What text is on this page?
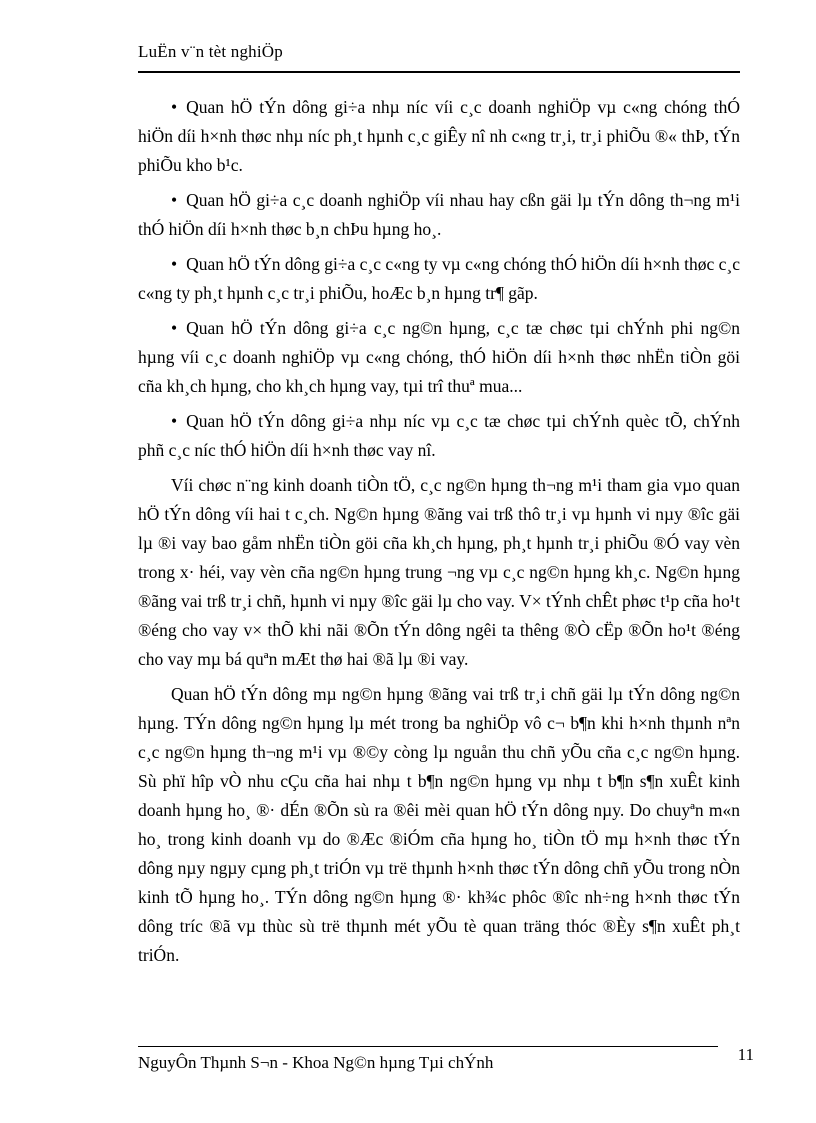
LuËn v¨n tèt nghiÖp

• Quan hÖ tÝn dông gi÷a nhµ níc víi c¸c doanh nghiÖp vµ c«ng chóng thÓ hiÖn díi h×nh thøc nhµ níc ph¸t hµnh c¸c giÊy nî nh c«ng tr¸i, tr¸i phiÕu ®« thÞ, tÝn phiÕu kho b¹c.

• Quan hÖ gi÷a c¸c doanh nghiÖp víi nhau hay cßn gäi lµ tÝn dông th¬ng m¹i thÓ hiÖn díi h×nh thøc b¸n chÞu hµng ho¸.

• Quan hÖ tÝn dông gi÷a c¸c c«ng ty vµ c«ng chóng thÓ hiÖn díi h×nh thøc c¸c c«ng ty ph¸t hµnh c¸c tr¸i phiÕu, hoÆc b¸n hµng tr¶ gãp.

• Quan hÖ tÝn dông gi÷a c¸c ng©n hµng, c¸c tæ chøc tµi chÝnh phi ng©n hµng víi c¸c doanh nghiÖp vµ c«ng chóng, thÓ hiÖn díi h×nh thøc nhËn tiÒn göi cña kh¸ch hµng, cho kh¸ch hµng vay, tµi trî thuª mua...

• Quan hÖ tÝn dông gi÷a nhµ níc vµ c¸c tæ chøc tµi chÝnh quèc tÕ, chÝnh phñ c¸c níc thÓ hiÖn díi h×nh thøc vay nî.

Víi chøc n¨ng kinh doanh tiÒn tÖ, c¸c ng©n hµng th¬ng m¹i tham gia vµo quan hÖ tÝn dông víi hai t c¸ch. Ng©n hµng ®ãng vai trß thô tr¸i vµ hµnh vi nµy ®îc gäi lµ ®i vay bao gåm nhËn tiÒn göi cña kh¸ch hµng, ph¸t hµnh tr¸i phiÕu ®Ó vay vèn trong x· héi, vay vèn cña ng©n hµng trung ¬ng vµ c¸c ng©n hµng kh¸c. Ng©n hµng ®ãng vai trß tr¸i chñ, hµnh vi nµy ®îc gäi lµ cho vay. V× tÝnh chÊt phøc t¹p cña ho¹t ®éng cho vay v× thÕ khi nãi ®Õn tÝn dông ngêi ta thêng ®Ò cËp ®Õn ho¹t ®éng cho vay mµ bá quªn mÆt thø hai ®ã lµ ®i vay.

Quan hÖ tÝn dông mµ ng©n hµng ®ãng vai trß tr¸i chñ gäi lµ tÝn dông ng©n hµng. TÝn dông ng©n hµng lµ mét trong ba nghiÖp vô c¬ b¶n khi h×nh thµnh nªn c¸c ng©n hµng th¬ng m¹i vµ ®©y còng lµ nguån thu chñ yÕu cña c¸c ng©n hµng. Sù phï hîp vÒ nhu cÇu cña hai nhµ t b¶n ng©n hµng vµ nhµ t b¶n s¶n xuÊt kinh doanh hµng ho¸ ®· dÉn ®Õn sù ra ®êi mèi quan hÖ tÝn dông nµy. Do chuyªn m«n ho¸ trong kinh doanh vµ do ®Æc ®iÓm cña hµng ho¸ tiÒn tÖ mµ h×nh thøc tÝn dông nµy ngµy cµng ph¸t triÓn vµ trë thµnh h×nh thøc tÝn dông chñ yÕu trong nÒn kinh tÕ hµng ho¸. TÝn dông ng©n hµng ®· kh¾c phôc ®îc nh÷ng h×nh thøc tÝn dông tríc ®ã vµ thùc sù trë thµnh mét yÕu tè quan träng thóc ®Èy s¶n xuÊt ph¸t triÓn.

NguyÔn Thµnh S¬n - Khoa Ng©n hµng Tµi chÝnh	11
